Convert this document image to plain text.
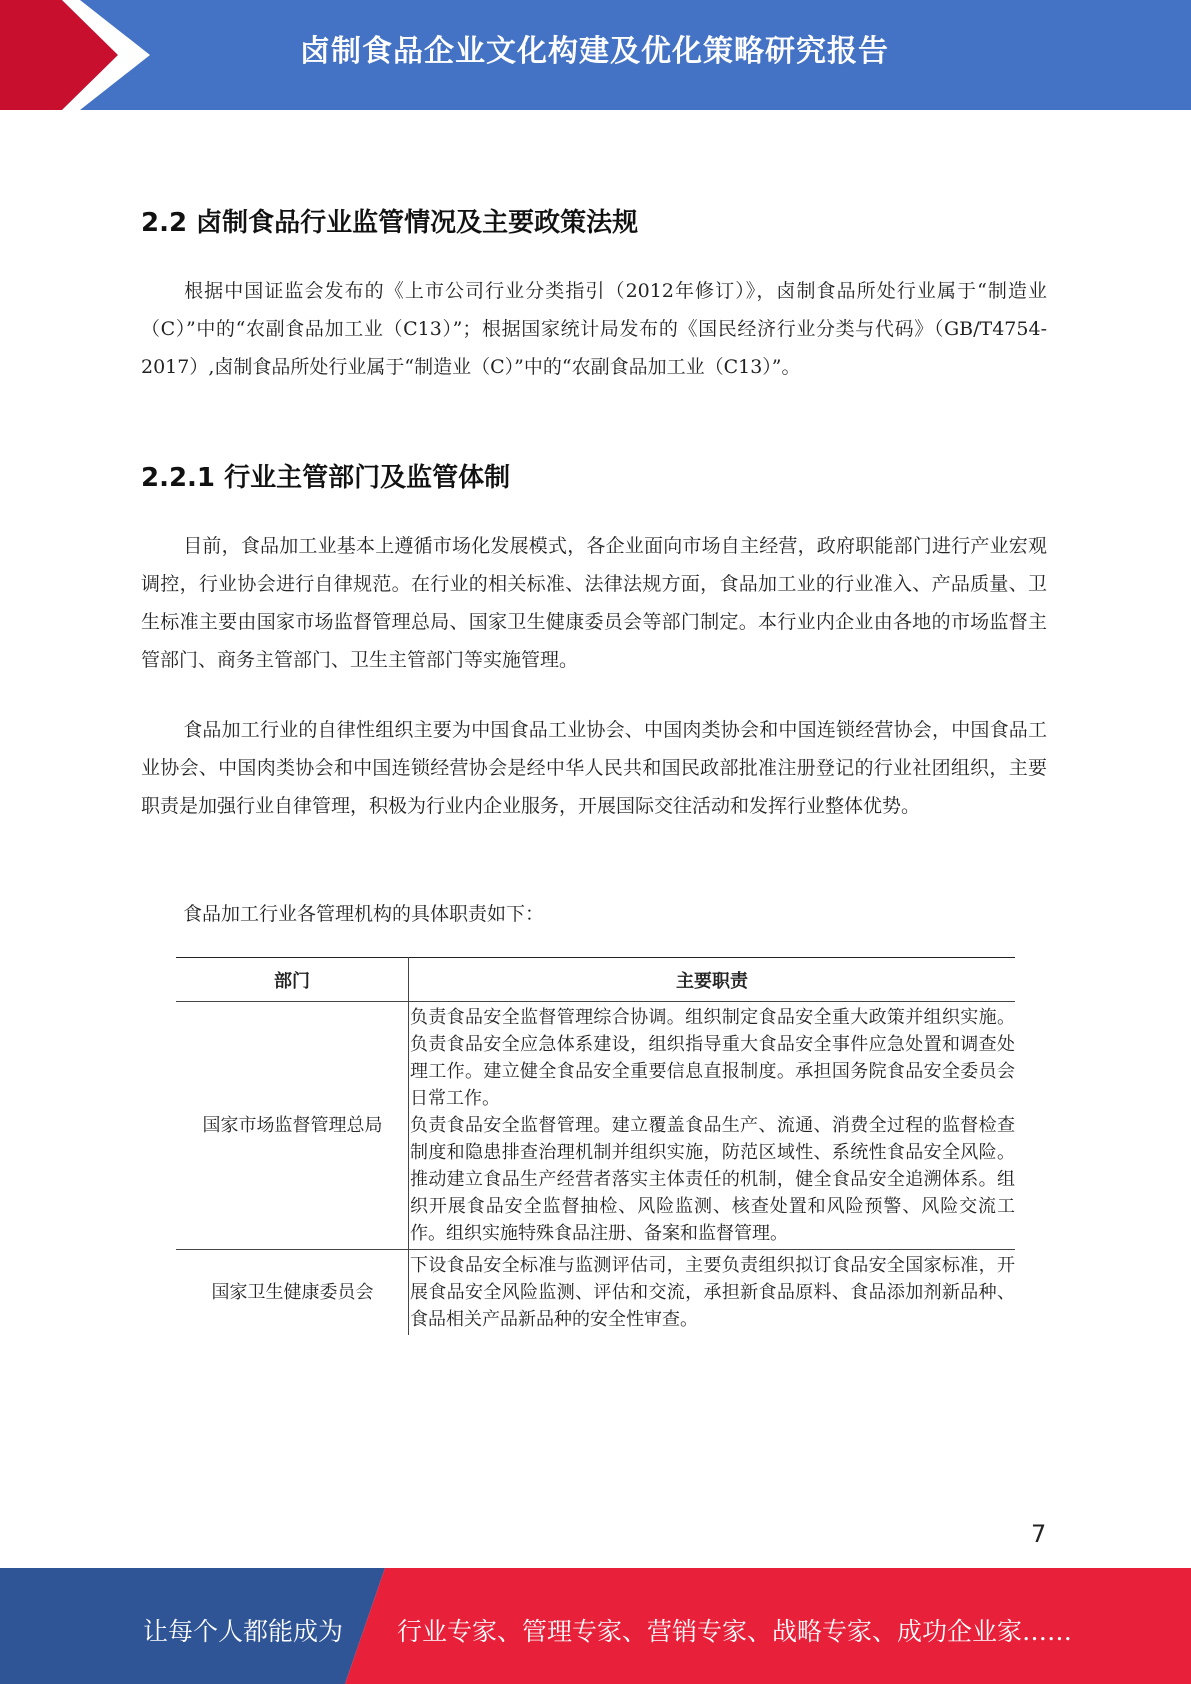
卤制食品企业文化构建及优化策略研究报告
2.2 卤制食品行业监管情况及主要政策法规
根据中国证监会发布的《上市公司行业分类指引（2012年修订）》，卤制食品所处行业属于“制造业（C）”中的“农副食品加工业（C13）”；根据国家统计局发布的《国民经济行业分类与代码》（GB/T4754-2017）,卤制食品所处行业属于“制造业（C）”中的“农副食品加工业（C13）”。
2.2.1 行业主管部门及监管体制
目前，食品加工业基本上遵循市场化发展模式，各企业面向市场自主经营，政府职能部门进行产业宏观调控，行业协会进行自律规范。在行业的相关标准、法律法规方面，食品加工业的行业准入、产品质量、卫生标准主要由国家市场监督管理总局、国家卫生健康委员会等部门制定。本行业内企业由各地的市场监督主管部门、商务主管部门、卫生主管部门等实施管理。
食品加工行业的自律性组织主要为中国食品工业协会、中国肉类协会和中国连锁经营协会，中国食品工业协会、中国肉类协会和中国连锁经营协会是经中华人民共和国民政部批准注册登记的行业社团组织，主要职责是加强行业自律管理，积极为行业内企业服务，开展国际交往活动和发挥行业整体优势。
食品加工行业各管理机构的具体职责如下：
部门	主要职责
国家市场监督管理总局	负责食品安全监督管理综合协调。组织制定食品安全重大政策并组织实施。负责食品安全应急体系建设，组织指导重大食品安全事件应急处置和调查处理工作。建立健全食品安全重要信息直报制度。承担国务院食品安全委员会日常工作。
负责食品安全监督管理。建立覆盖食品生产、流通、消费全过程的监督检查制度和隐患排查治理机制并组织实施，防范区域性、系统性食品安全风险。推动建立食品生产经营者落实主体责任的机制，健全食品安全追溯体系。组织开展食品安全监督抽检、风险监测、核查处置和风险预警、风险交流工作。组织实施特殊食品注册、备案和监督管理。

国家卫生健康委员会	下设食品安全标准与监测评估司，主要负责组织拟订食品安全国家标准，开展食品安全风险监测、评估和交流，承担新食品原料、食品添加剂新品种、食品相关产品新品种的安全性审查。
7
让每个人都能成为 行业专家、管理专家、营销专家、战略专家、成功企业家……
